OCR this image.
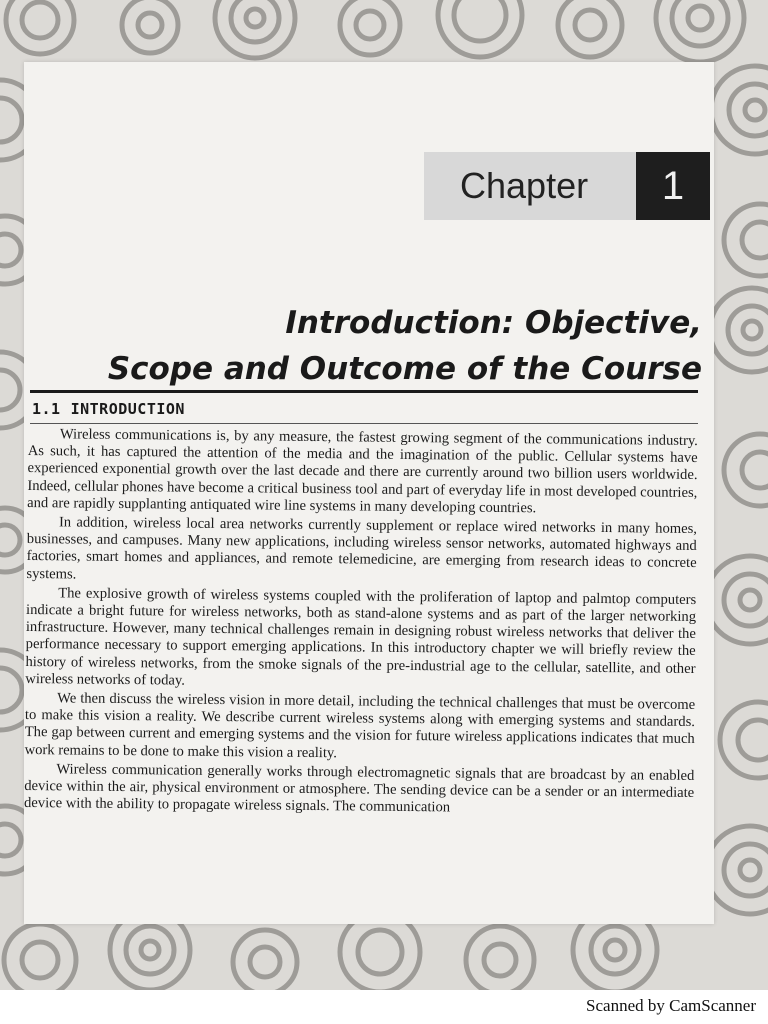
Chapter	1
Introduction: Objective,
Scope and Outcome of the Course
1.1 INTRODUCTION

Wireless communications is, by any measure, the fastest growing segment of the communications industry. As such, it has captured the attention of the media and the imagination of the public. Cellular systems have experienced exponential growth over the last decade and there are currently around two billion users worldwide. Indeed, cellular phones have become a critical business tool and part of everyday life in most developed countries, and are rapidly supplanting antiquated wire line systems in many developing countries.

In addition, wireless local area networks currently supplement or replace wired networks in many homes, businesses, and campuses. Many new applications, including wireless sensor networks, automated highways and factories, smart homes and appliances, and remote telemedicine, are emerging from research ideas to concrete systems.

The explosive growth of wireless systems coupled with the proliferation of laptop and palmtop computers indicate a bright future for wireless networks, both as stand-alone systems and as part of the larger networking infrastructure. However, many technical challenges remain in designing robust wireless networks that deliver the performance necessary to support emerging applications. In this introductory chapter we will briefly review the history of wireless networks, from the smoke signals of the pre-industrial age to the cellular, satellite, and other wireless networks of today.

We then discuss the wireless vision in more detail, including the technical challenges that must be overcome to make this vision a reality. We describe current wireless systems along with emerging systems and standards. The gap between current and emerging systems and the vision for future wireless applications indicates that much work remains to be done to make this vision a reality.

Wireless communication generally works through electromagnetic signals that are broadcast by an enabled device within the air, physical environment or atmosphere. The sending device can be a sender or an intermediate device with the ability to propagate wireless signals. The communication

Scanned by CamScanner
